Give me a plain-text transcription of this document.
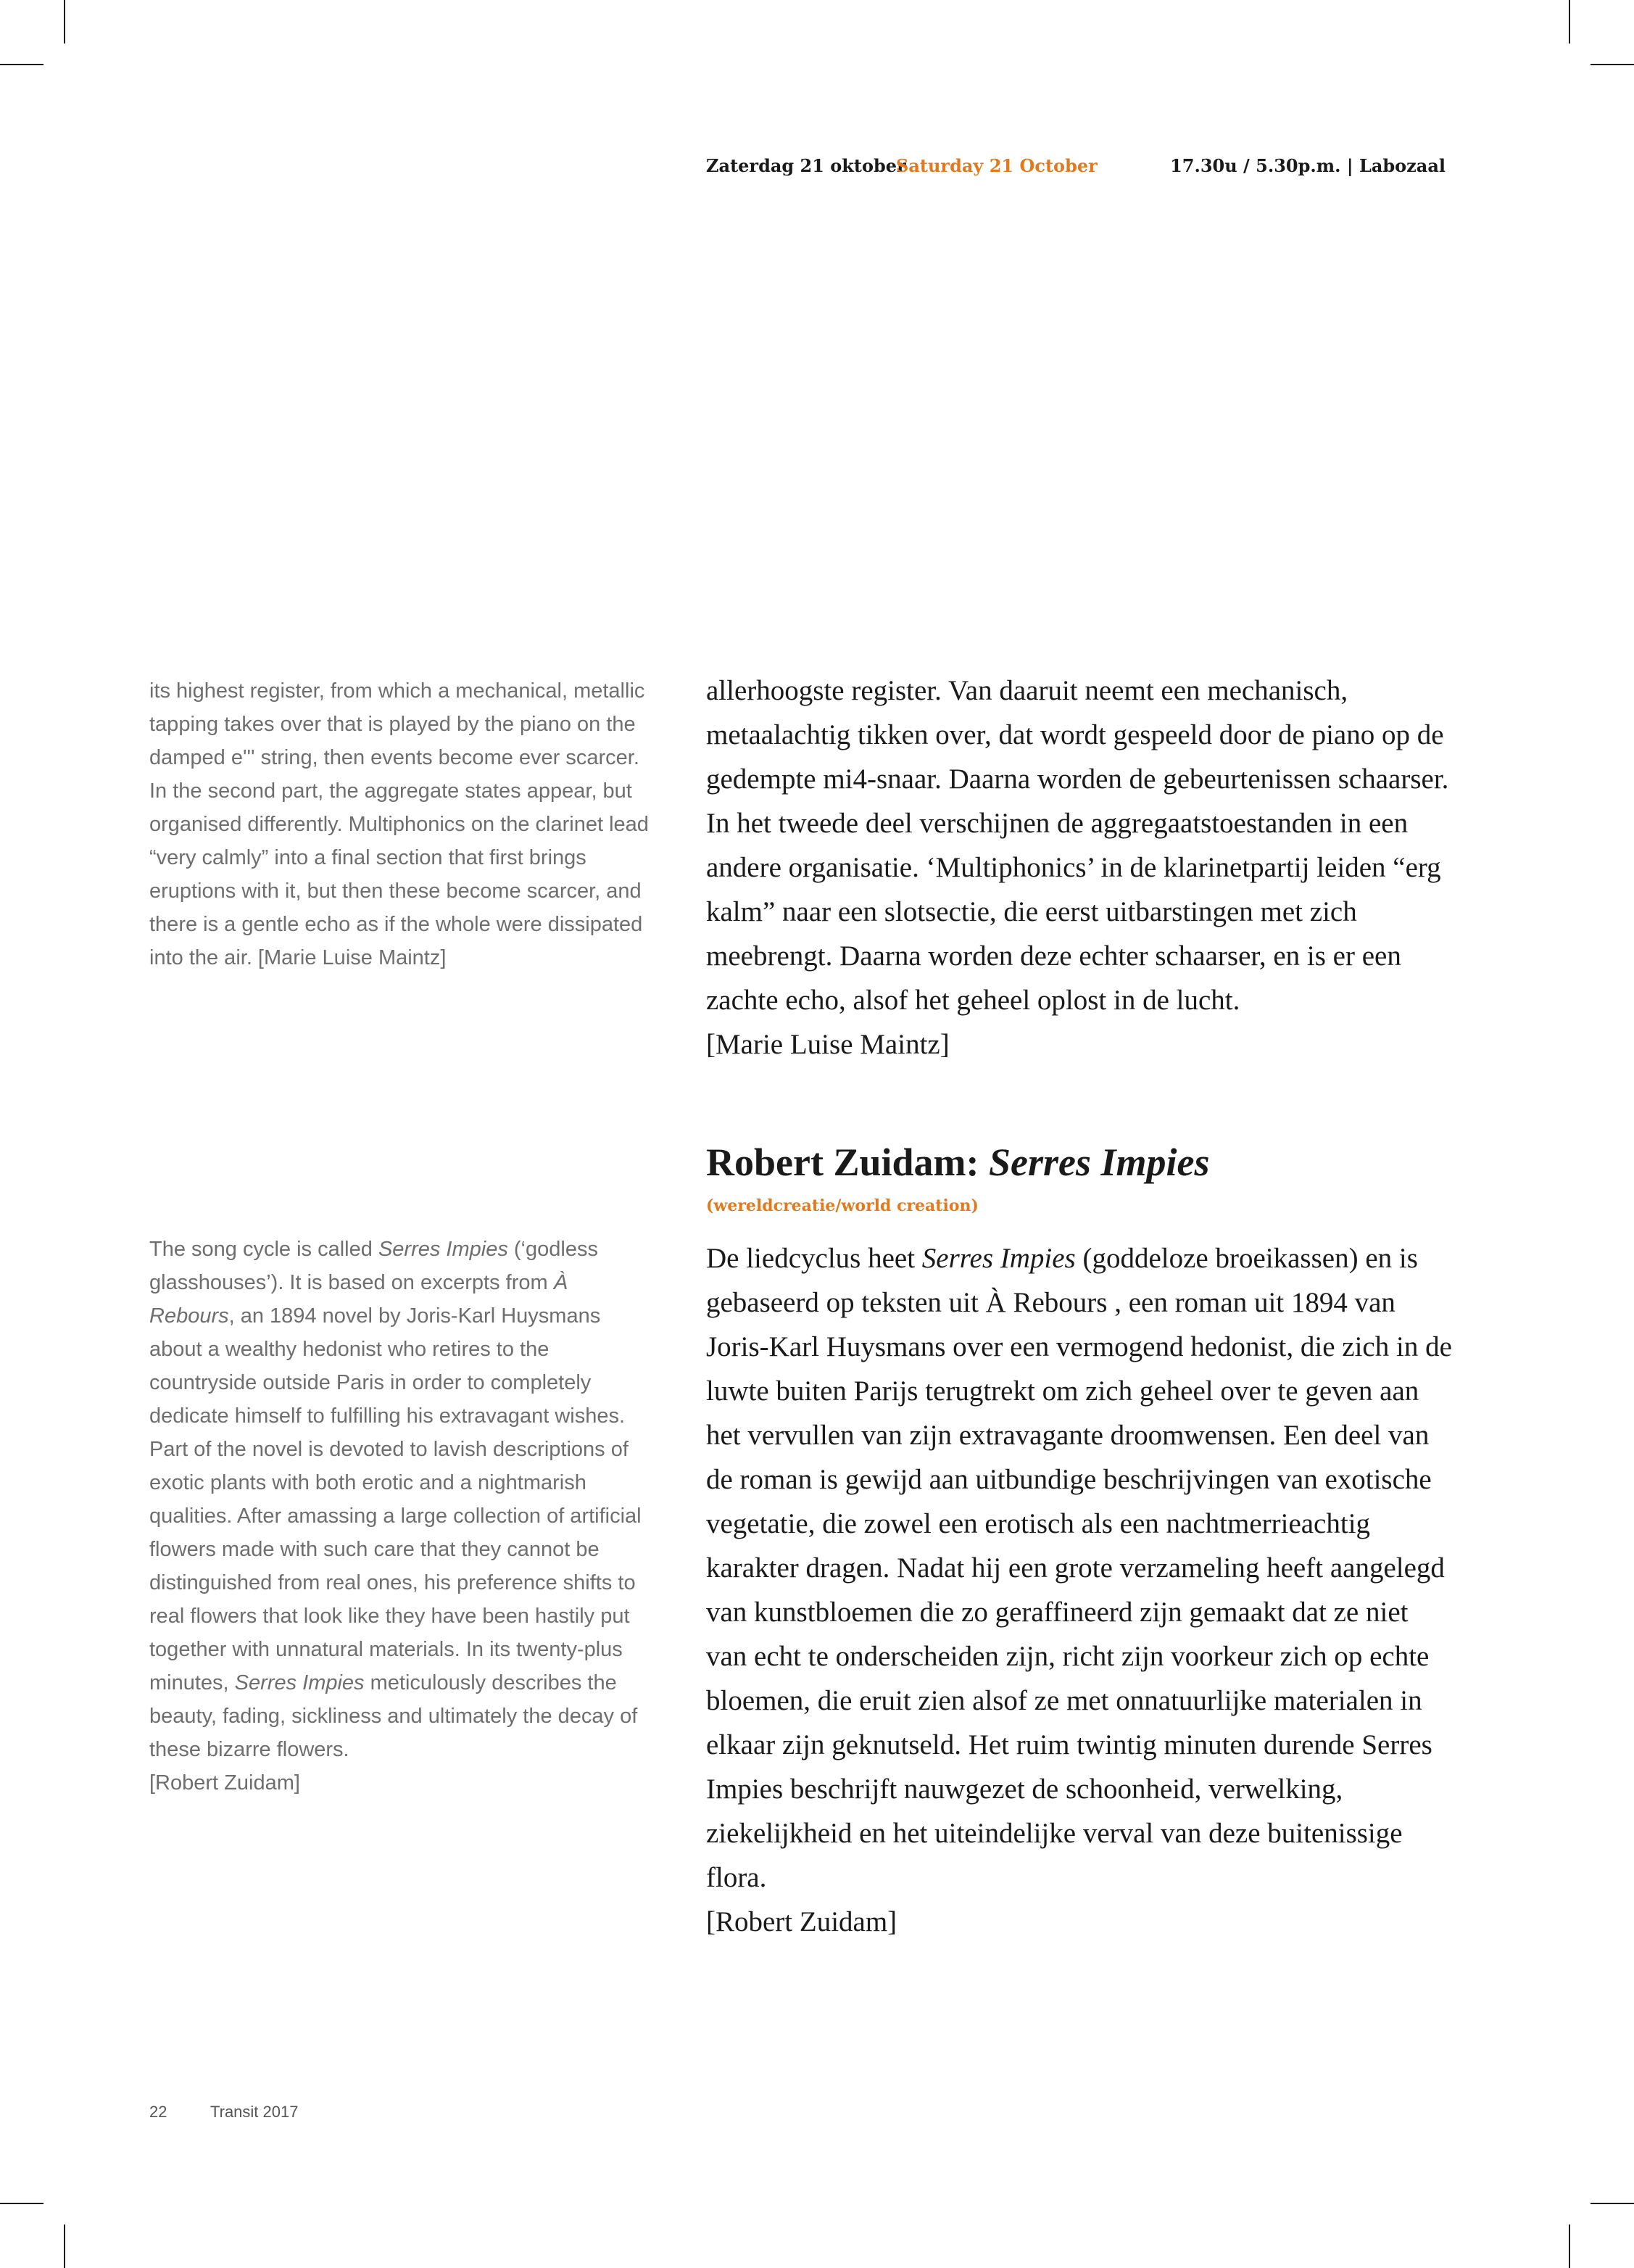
Zaterdag 21 oktober
Saturday 21 October	17.30u / 5.30p.m. | Labozaal

its highest register, from which a mechanical, metallic tapping takes over that is played by the piano on the damped e''' string, then events become ever scarcer. In the second part, the aggregate states appear, but organised differently. Multiphonics on the clarinet lead “very calmly” into a final section that first brings eruptions with it, but then these become scarcer, and there is a gentle echo as if the whole were dissipated into the air. [Marie Luise Maintz]

allerhoogste register. Van daaruit neemt een mechanisch, metaalachtig tikken over, dat wordt gespeeld door de piano op de gedempte mi4-snaar. Daarna worden de gebeurtenissen schaarser. In het tweede deel verschijnen de aggregaatstoestanden in een andere organisatie. ‘Multiphonics’ in de klarinetpartij leiden “erg kalm” naar een slotsectie, die eerst uitbarstingen met zich meebrengt. Daarna worden deze echter schaarser, en is er een zachte echo, alsof het geheel oplost in de lucht.

[Marie Luise Maintz]

Robert Zuidam: Serres Impies
(wereldcreatie/world creation)

The song cycle is called Serres Impies (‘godless glasshouses’). It is based on excerpts from À Rebours, an 1894 novel by Joris-Karl Huysmans about a wealthy hedonist who retires to the countryside outside Paris in order to completely dedicate himself to fulfilling his extravagant wishes. Part of the novel is devoted to lavish descriptions of exotic plants with both erotic and a nightmarish qualities. After amassing a large collection of artificial flowers made with such care that they cannot be distinguished from real ones, his preference shifts to real flowers that look like they have been hastily put together with unnatural materials. In its twenty-plus minutes, Serres Impies meticulously describes the beauty, fading, sickliness and ultimately the decay of these bizarre flowers.

[Robert Zuidam]

De liedcyclus heet Serres Impies (goddeloze broeikassen) en is gebaseerd op teksten uit À Rebours , een roman uit 1894 van Joris-Karl Huysmans over een vermogend hedonist, die zich in de luwte buiten Parijs terugtrekt om zich geheel over te geven aan het vervullen van zijn extravagante droomwensen. Een deel van de roman is gewijd aan uitbundige beschrijvingen van exotische vegetatie, die zowel een erotisch als een nachtmerrieachtig karakter dragen. Nadat hij een grote verzameling heeft aangelegd van kunstbloemen die zo geraffineerd zijn gemaakt dat ze niet van echt te onderscheiden zijn, richt zijn voorkeur zich op echte bloemen, die eruit zien alsof ze met onnatuurlijke materialen in elkaar zijn geknutseld. Het ruim twintig minuten durende Serres Impies beschrijft nauwgezet de schoonheid, verwelking, ziekelijkheid en het uiteindelijke verval van deze buitenissige flora.

[Robert Zuidam]

22	Transit 2017
